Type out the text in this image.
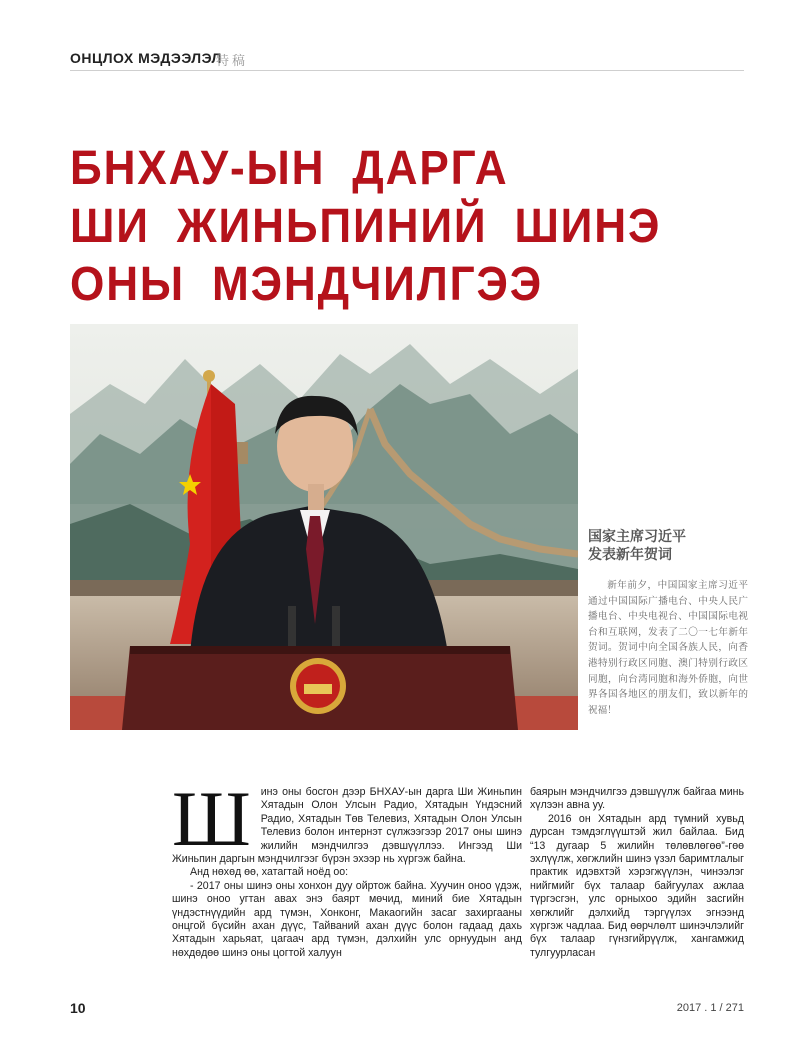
ОНЦЛОХ МЭДЭЭЛЭЛ
特稿
БНХАУ-ЫН ДАРГА
ШИ ЖИНЬПИНИЙ ШИНЭ
ОНЫ МЭНДЧИЛГЭЭ
国家主席习近平
发表新年贺词
新年前夕，中国国家主席习近平通过中国国际广播电台、中央人民广播电台、中央电视台、中国国际电视台和互联网，发表了二〇一七年新年贺词。贺词中向全国各族人民，向香港特别行政区同胞、澳门特别行政区同胞，向台湾同胞和海外侨胞，向世界各国各地区的朋友们，致以新年的祝福！

Шинэ оны босгон дээр БНХАУ-ын дарга Ши Жиньпин Хятадын Олон Улсын Радио, Хятадын Үндэсний Радио, Хятадын Төв Телевиз, Хятадын Олон Улсын Телевиз болон интернэт сүлжээгээр 2017 оны шинэ жилийн мэндчилгээ дэвшүүллээ. Ингээд Ши Жиньпин даргын мэндчилгээг бүрэн эхээр нь хүргэж байна.

Анд нөхөд өө, хатагтай ноёд оо:

- 2017 оны шинэ оны хонхон дуу ойртож байна. Хуучин оноо үдэж, шинэ оноо угтан авах энэ баярт мөчид, миний бие Хятадын үндэстнүүдийн ард түмэн, Хонконг, Макаогийн засаг захиргааны онцгой бүсийн ахан дүүс, Тайваний ахан дүүс болон гадаад дахь Хятадын харьяат, цагаач ард түмэн, дэлхийн улс орнуудын анд нөхдөдөө шинэ оны цогтой халуун

баярын мэндчилгээ дэвшүүлж байгаа минь хүлээн авна уу.

2016 он Хятадын ард түмний хувьд дурсан тэмдэглүүштэй жил байлаа. Бид “13 дугаар 5 жилийн төлөвлөгөө”-гөө эхлүүлж, хөгжлийн шинэ үзэл баримтлалыг практик идэвхтэй хэрэгжүүлэн, чинээлэг нийгмийг бүх талаар байгуулах ажлаа түргэсгэн, улс орныхоо эдийн засгийн хөгжлийг дэлхийд тэргүүлэх эгнээнд хүргэж чадлаа. Бид өөрчлөлт шинэчлэлийг бүх талаар гүнзгийрүүлж, хангамжид тулгуурласан

10	2017 . 1 / 271
